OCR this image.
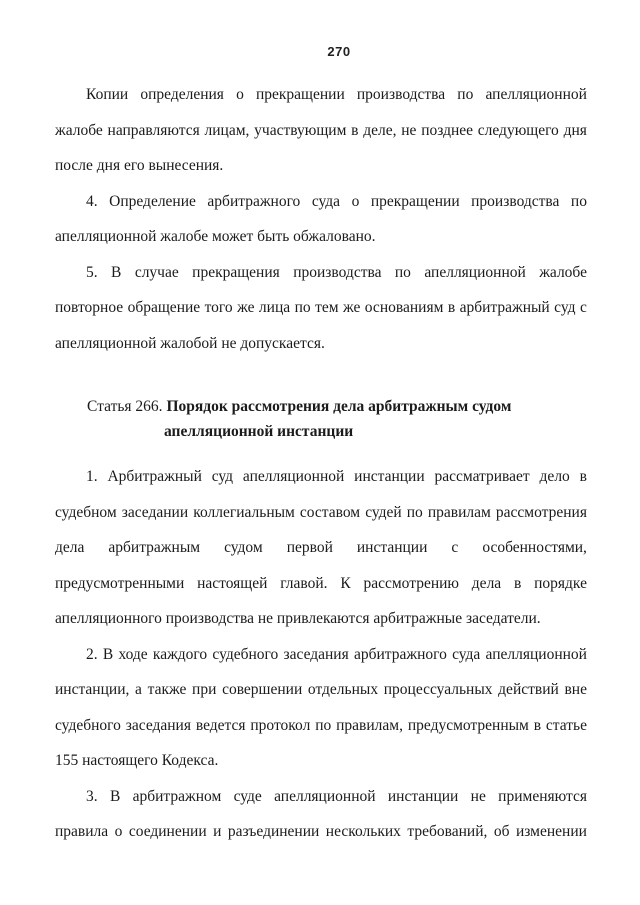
270
Копии определения о прекращении производства по апелляционной
жалобе направляются лицам, участвующим в деле, не позднее следующего дня
после дня его вынесения.
4. Определение арбитражного суда о прекращении производства по
апелляционной жалобе может быть обжаловано.
5. В случае прекращения производства по апелляционной жалобе
повторное обращение того же лица по тем же основаниям в арбитражный суд с
апелляционной жалобой не допускается.
Статья 266. Порядок рассмотрения дела арбитражным судом
апелляционной инстанции
1. Арбитражный суд апелляционной инстанции рассматривает дело в
судебном заседании коллегиальным составом судей по правилам рассмотрения
дела арбитражным судом первой инстанции с особенностями,
предусмотренными настоящей главой. К рассмотрению дела в порядке
апелляционного производства не привлекаются арбитражные заседатели.
2. В ходе каждого судебного заседания арбитражного суда апелляционной
инстанции, а также при совершении отдельных процессуальных действий вне
судебного заседания ведется протокол по правилам, предусмотренным в статье
155 настоящего Кодекса.
3. В арбитражном суде апелляционной инстанции не применяются
правила о соединении и разъединении нескольких требований, об изменении
